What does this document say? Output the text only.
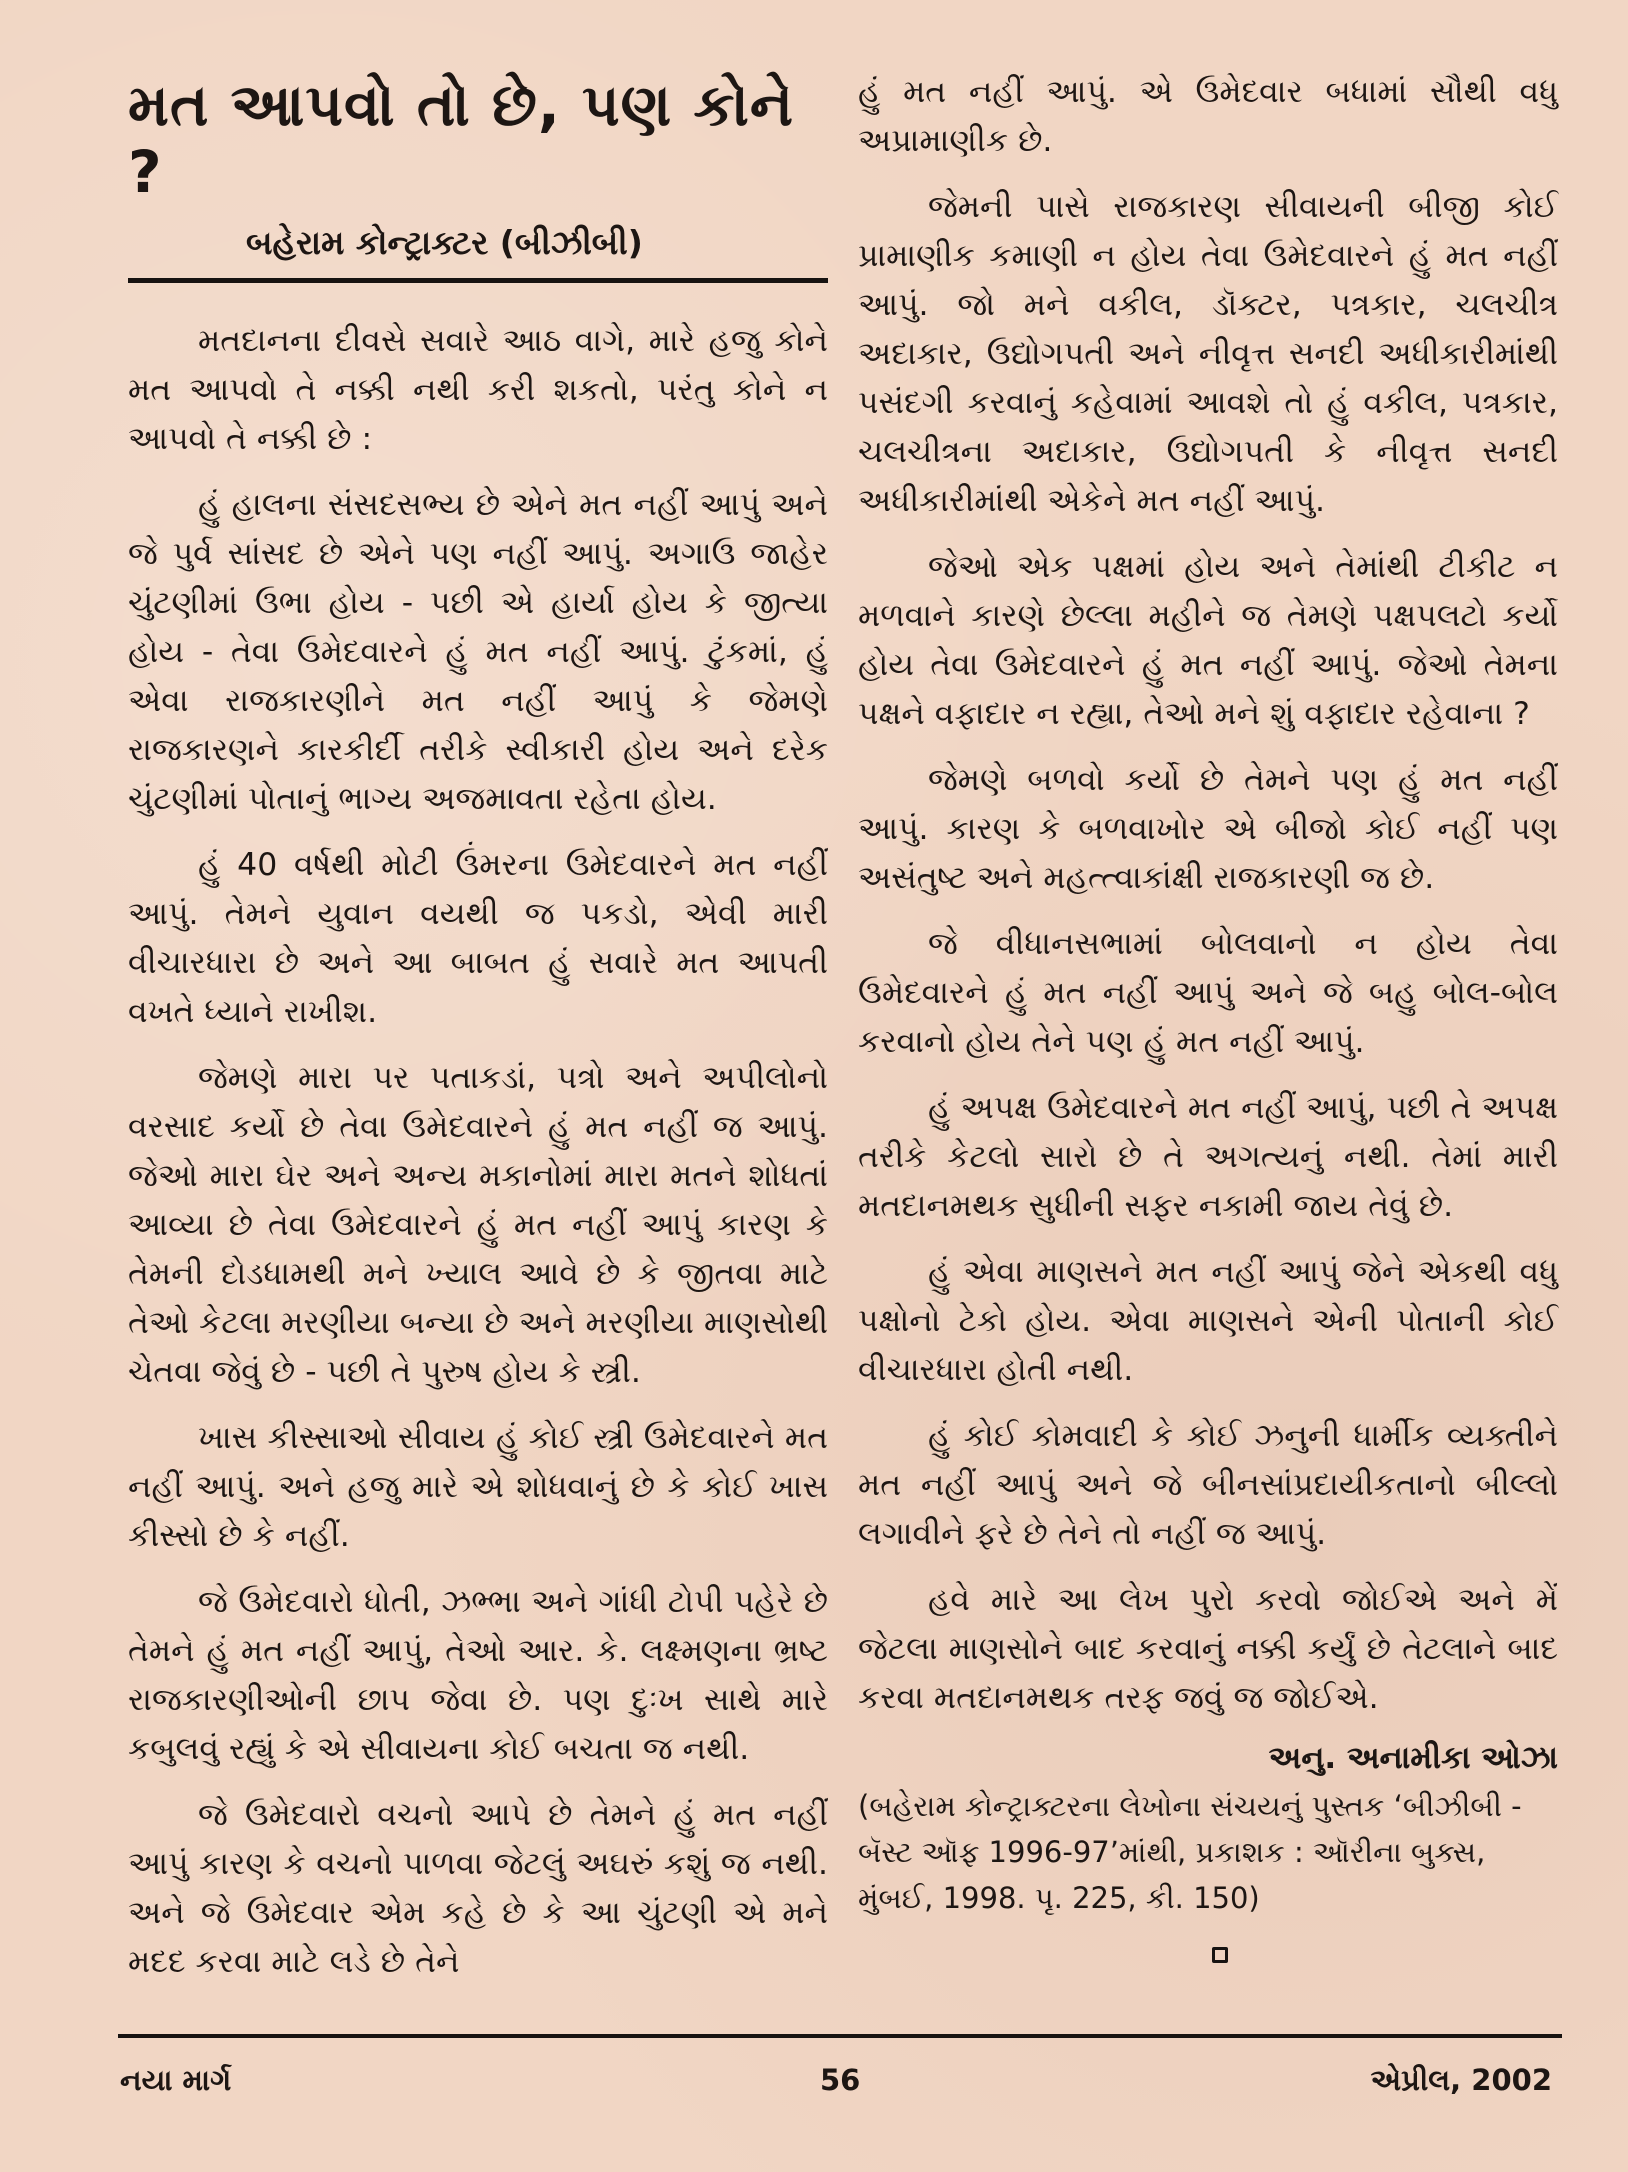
મત આપવો તો છે, પણ કોને ?
બહેરામ કોન્ટ્રાક્ટર (બીઝીબી)

મતદાનના દીવસે સવારે આઠ વાગે, મારે હજુ કોને મત આપવો તે નક્કી નથી કરી શકતો, પરંતુ કોને ન આપવો તે નક્કી છે :

હું હાલના સંસદસભ્ય છે એને મત નહીં આપું અને જે પુર્વ સાંસદ છે એને પણ નહીં આપું. અગાઉ જાહેર ચુંટણીમાં ઉભા હોય - પછી એ હાર્યા હોય કે જીત્યા હોય - તેવા ઉમેદવારને હું મત નહીં આપું. ટુંકમાં, હું એવા રાજકારણીને મત નહીં આપું કે જેમણે રાજકારણને કારકીર્દી તરીકે સ્વીકારી હોય અને દરેક ચુંટણીમાં પોતાનું ભાગ્ય અજમાવતા રહેતા હોય.

હું 40 વર્ષથી મોટી ઉંમરના ઉમેદવારને મત નહીં આપું. તેમને યુવાન વયથી જ પકડો, એવી મારી વીચારધારા છે અને આ બાબત હું સવારે મત આપતી વખતે ધ્યાને રાખીશ.

જેમણે મારા પર પતાકડાં, પત્રો અને અપીલોનો વરસાદ કર્યો છે તેવા ઉમેદવારને હું મત નહીં જ આપું. જેઓ મારા ઘેર અને અન્ય મકાનોમાં મારા મતને શોધતાં આવ્યા છે તેવા ઉમેદવારને હું મત નહીં આપું કારણ કે તેમની દોડધામથી મને ખ્યાલ આવે છે કે જીતવા માટે તેઓ કેટલા મરણીયા બન્યા છે અને મરણીયા માણસોથી ચેતવા જેવું છે - પછી તે પુરુષ હોય કે સ્ત્રી.

ખાસ કીસ્સાઓ સીવાય હું કોઈ સ્ત્રી ઉમેદવારને મત નહીં આપું. અને હજુ મારે એ શોધવાનું છે કે કોઈ ખાસ કીસ્સો છે કે નહીં.

જે ઉમેદવારો ધોતી, ઝભ્ભા અને ગાંધી ટોપી પહેરે છે તેમને હું મત નહીં આપું, તેઓ આર. કે. લક્ષ્મણના ભ્રષ્ટ રાજકારણીઓની છાપ જેવા છે. પણ દુઃખ સાથે મારે કબુલવું રહ્યું કે એ સીવાયના કોઈ બચતા જ નથી.

જે ઉમેદવારો વચનો આપે છે તેમને હું મત નહીં આપું કારણ કે વચનો પાળવા જેટલું અઘરું કશું જ નથી. અને જે ઉમેદવાર એમ કહે છે કે આ ચુંટણી એ મને મદદ કરવા માટે લડે છે તેને

હું મત નહીં આપું. એ ઉમેદવાર બધામાં સૌથી વધુ અપ્રામાણીક છે.

જેમની પાસે રાજકારણ સીવાયની બીજી કોઈ પ્રામાણીક કમાણી ન હોય તેવા ઉમેદવારને હું મત નહીં આપું. જો મને વકીલ, ડૉક્ટર, પત્રકાર, ચલચીત્ર અદાકાર, ઉદ્યોગપતી અને નીવૃત્ત સનદી અધીકારીમાંથી પસંદગી કરવાનું કહેવામાં આવશે તો હું વકીલ, પત્રકાર, ચલચીત્રના અદાકાર, ઉદ્યોગપતી કે નીવૃત્ત સનદી અધીકારીમાંથી એકેને મત નહીં આપું.

જેઓ એક પક્ષમાં હોય અને તેમાંથી ટીકીટ ન મળવાને કારણે છેલ્લા મહીને જ તેમણે પક્ષપલટો કર્યો હોય તેવા ઉમેદવારને હું મત નહીં આપું. જેઓ તેમના પક્ષને વફાદાર ન રહ્યા, તેઓ મને શું વફાદાર રહેવાના ?

જેમણે બળવો કર્યો છે તેમને પણ હું મત નહીં આપું. કારણ કે બળવાખોર એ બીજો કોઈ નહીં પણ અસંતુષ્ટ અને મહત્ત્વાકાંક્ષી રાજકારણી જ છે.

જે વીધાનસભામાં બોલવાનો ન હોય તેવા ઉમેદવારને હું મત નહીં આપું અને જે બહુ બોલ-બોલ કરવાનો હોય તેને પણ હું મત નહીં આપું.

હું અપક્ષ ઉમેદવારને મત નહીં આપું, પછી તે અપક્ષ તરીકે કેટલો સારો છે તે અગત્યનું નથી. તેમાં મારી મતદાનમથક સુધીની સફર નકામી જાય તેવું છે.

હું એવા માણસને મત નહીં આપું જેને એકથી વધુ પક્ષોનો ટેકો હોય. એવા માણસને એની પોતાની કોઈ વીચારધારા હોતી નથી.

હું કોઈ કોમવાદી કે કોઈ ઝનુની ધાર્મીક વ્યક્તીને મત નહીં આપું અને જે બીનસાંપ્રદાયીકતાનો બીલ્લો લગાવીને ફરે છે તેને તો નહીં જ આપું.

હવે મારે આ લેખ પુરો કરવો જોઈએ અને મેં જેટલા માણસોને બાદ કરવાનું નક્કી કર્યું છે તેટલાને બાદ કરવા મતદાનમથક તરફ જવું જ જોઈએ.

અનુ. અનામીકા ઓઝા

(બહેરામ કોન્ટ્રાક્ટરના લેખોના સંચયનું પુસ્તક ‘બીઝીબી - બૅસ્ટ ઑફ 1996-97’માંથી, પ્રકાશક : ઑરીના બુક્સ, મુંબઈ, 1998. પૃ. 225, કી. 150)

નયા માર્ગ	56	એપ્રીલ, 2002
